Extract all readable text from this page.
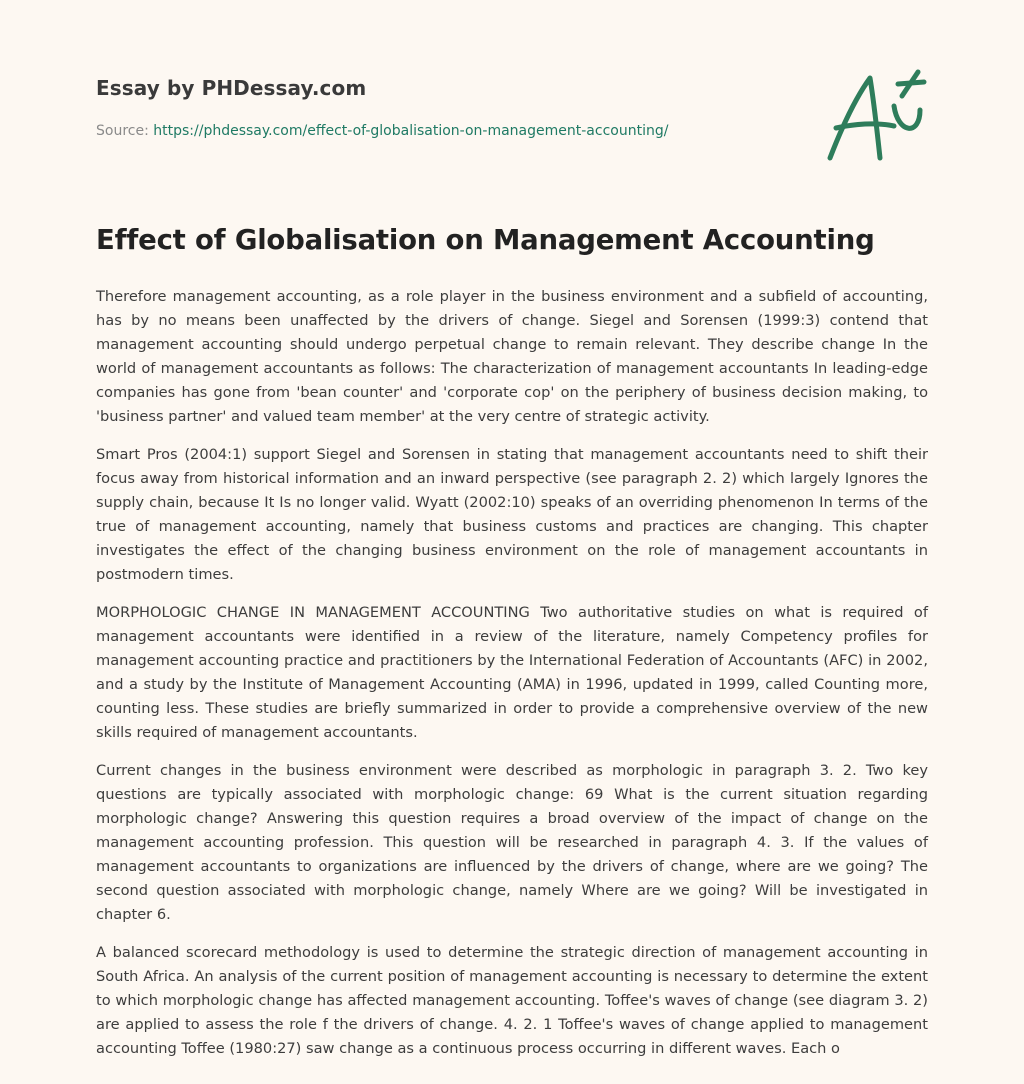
Essay by PHDessay.com

Source: https://phdessay.com/effect-of-globalisation-on-management-accounting/
Effect of Globalisation on Management Accounting

Therefore management accounting, as a role player in the business environment and a subfield of accounting, has by no means been unaffected by the drivers of change. Siegel and Sorensen (1999:3) contend that management accounting should undergo perpetual change to remain relevant. They describe change In the world of management accountants as follows: The characterization of management accountants In leading-edge companies has gone from 'bean counter' and 'corporate cop' on the periphery of business decision making, to 'business partner' and valued team member' at the very centre of strategic activity.

Smart Pros (2004:1) support Siegel and Sorensen in stating that management accountants need to shift their focus away from historical information and an inward perspective (see paragraph 2. 2) which largely Ignores the supply chain, because It Is no longer valid. Wyatt (2002:10) speaks of an overriding phenomenon In terms of the true of management accounting, namely that business customs and practices are changing. This chapter investigates the effect of the changing business environment on the role of management accountants in postmodern times.

MORPHOLOGIC CHANGE IN MANAGEMENT ACCOUNTING Two authoritative studies on what is required of management accountants were identified in a review of the literature, namely Competency profiles for management accounting practice and practitioners by the International Federation of Accountants (AFC) in 2002, and a study by the Institute of Management Accounting (AMA) in 1996, updated in 1999, called Counting more, counting less. These studies are briefly summarized in order to provide a comprehensive overview of the new skills required of management accountants.

Current changes in the business environment were described as morphologic in paragraph 3. 2. Two key questions are typically associated with morphologic change: 69 What is the current situation regarding morphologic change? Answering this question requires a broad overview of the impact of change on the management accounting profession. This question will be researched in paragraph 4. 3. If the values of management accountants to organizations are influenced by the drivers of change, where are we going? The second question associated with morphologic change, namely Where are we going? Will be investigated in chapter 6.

A balanced scorecard methodology is used to determine the strategic direction of management accounting in South Africa. An analysis of the current position of management accounting is necessary to determine the extent to which morphologic change has affected management accounting. Toffee's waves of change (see diagram 3. 2) are applied to assess the role f the drivers of change. 4. 2. 1 Toffee's waves of change applied to management accounting Toffee (1980:27) saw change as a continuous process occurring in different waves. Each o
